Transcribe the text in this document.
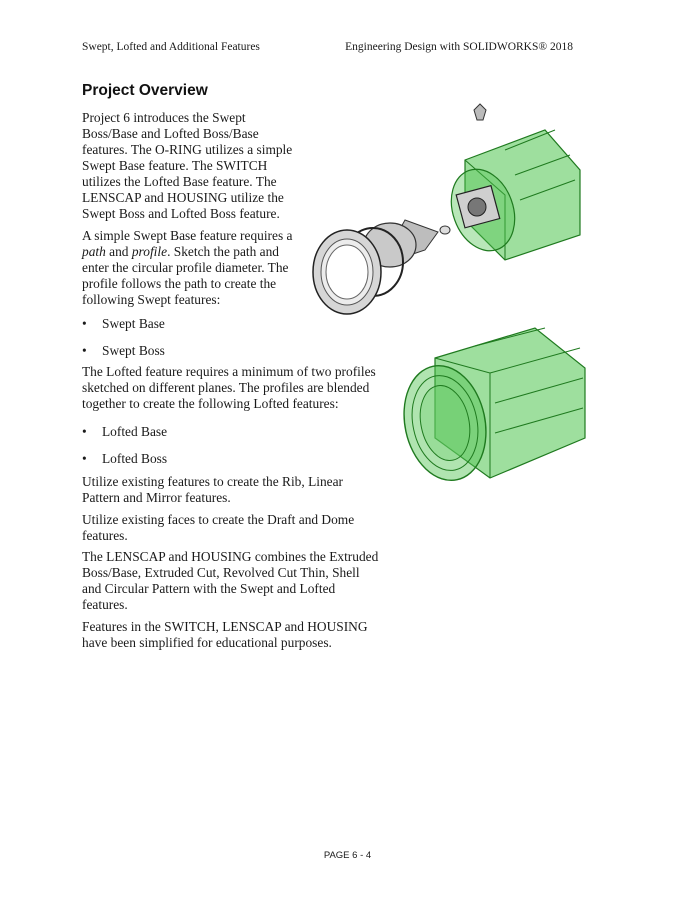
Swept, Lofted and Additional Features	Engineering Design with SOLIDWORKS® 2018
Project Overview

Project 6 introduces the Swept
Boss/Base and Lofted Boss/Base
features. The O-RING utilizes a simple
Swept Base feature. The SWITCH
utilizes the Lofted Base feature. The
LENSCAP and HOUSING utilize the
Swept Boss and Lofted Boss feature.

A simple Swept Base feature requires a
path and profile. Sketch the path and
enter the circular profile diameter. The
profile follows the path to create the
following Swept features:

• Swept Base
• Swept Boss

The Lofted feature requires a minimum of two profiles
sketched on different planes. The profiles are blended
together to create the following Lofted features:

• Lofted Base
• Lofted Boss

Utilize existing features to create the Rib, Linear
Pattern and Mirror features.

Utilize existing faces to create the Draft and Dome
features.

The LENSCAP and HOUSING combines the Extruded
Boss/Base, Extruded Cut, Revolved Cut Thin, Shell
and Circular Pattern with the Swept and Lofted
features.

Features in the SWITCH, LENSCAP and HOUSING
have been simplified for educational purposes.

PAGE 6 - 4
